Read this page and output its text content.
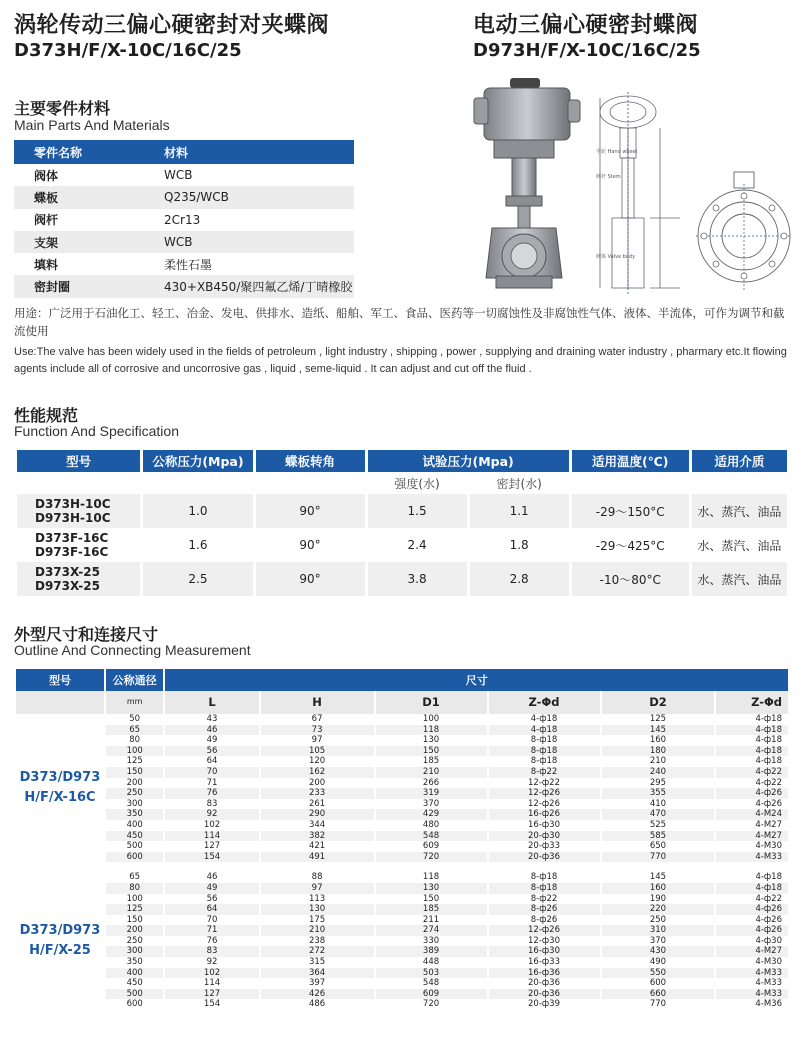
涡轮传动三偏心硬密封对夹蝶阀
D373H/F/X-10C/16C/25
电动三偏心硬密封蝶阀
D973H/F/X-10C/16C/25
手轮 Hand wheel
阀杆 Stem
阀体 Valve body
主要零件材料
Main Parts And Materials
零件名称	材料
阀体	WCB
蝶板	Q235/WCB
阀杆	2Cr13
支架	WCB
填料	柔性石墨
密封圈	430+XB450/聚四氟乙烯/丁晴橡胶
用途：广泛用于石油化工、轻工、冶金、发电、供排水、造纸、船舶、军工、食品、医药等一切腐蚀性及非腐蚀性气体、液体、半流体，可作为调节和截流使用
Use:The valve has been widely used in the fields of petroleum , light industry , shipping , power , supplying and draining water industry , pharmary etc.It flowing agents include all of corrosive and uncorrosive gas , liquid , seme-liquid . It can adjust and cut off the fluid .
性能规范
Function And Specification
型号	公称压力(Mpa)	蝶板转角	试验压力(Mpa)		适用温度(℃)	适用介质
			强度(水)	密封(水)		
D373H-10C
D973H-10C	1.0	90°	1.5	1.1	-29～150°C	水、蒸汽、油品
D373F-16C
D973F-16C	1.6	90°	2.4	1.8	-29～425°C	水、蒸汽、油品
D373X-25
D973X-25	2.5	90°	3.8	2.8	-10～80°C	水、蒸汽、油品
外型尺寸和连接尺寸
Outline And Connecting Measurement
型号	公称通径	尺寸					
	mm	L	H	D1	Z-Φd	D2	Z-Φd
D373/D973
H/F/X-16C	50	43	67	100	4-ф18	125	4-ф18
	65	46	73	118	4-ф18	145	4-ф18
	80	49	97	130	8-ф18	160	4-ф18
	100	56	105	150	8-ф18	180	4-ф18
	125	64	120	185	8-ф18	210	4-ф18
	150	70	162	210	8-ф22	240	4-ф22
	200	71	200	266	12-ф22	295	4-ф22
	250	76	233	319	12-ф26	355	4-ф26
	300	83	261	370	12-ф26	410	4-ф26
	350	92	290	429	16-ф26	470	4-M24
	400	102	344	480	16-ф30	525	4-M27
	450	114	382	548	20-ф30	585	4-M27
	500	127	421	609	20-ф33	650	4-M30
	600	154	491	720	20-ф36	770	4-M33

D373/D973
H/F/X-25	65	46	88	118	8-ф18	145	4-ф18
	80	49	97	130	8-ф18	160	4-ф18
	100	56	113	150	8-ф22	190	4-ф22
	125	64	130	185	8-ф26	220	4-ф26
	150	70	175	211	8-ф26	250	4-ф26
	200	71	210	274	12-ф26	310	4-ф26
	250	76	238	330	12-ф30	370	4-ф30
	300	83	272	389	16-ф30	430	4-M27
	350	92	315	448	16-ф33	490	4-M30
	400	102	364	503	16-ф36	550	4-M33
	450	114	397	548	20-ф36	600	4-M33
	500	127	426	609	20-ф36	660	4-M33
	600	154	486	720	20-ф39	770	4-M36
